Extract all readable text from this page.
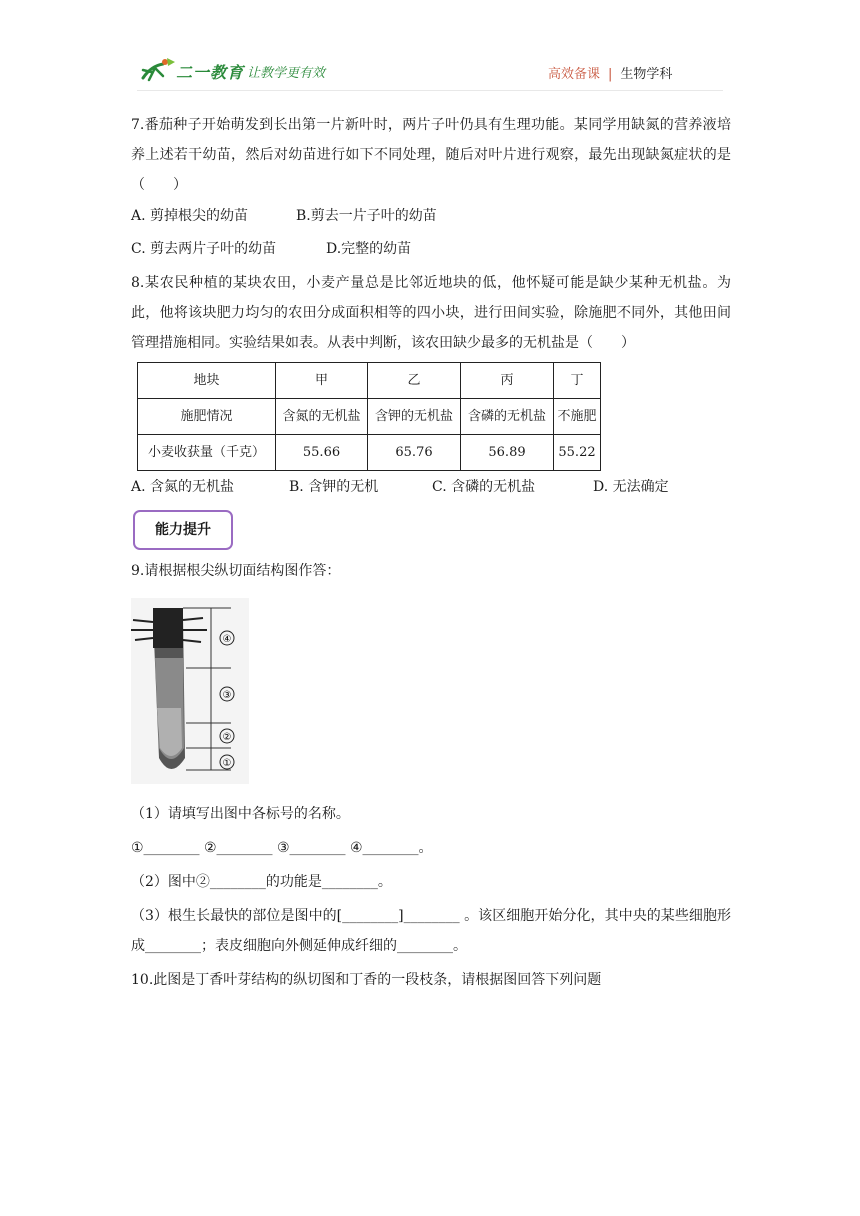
二一教育 让教学更有效	高效备课 | 生物学科

7.番茄种子开始萌发到长出第一片新叶时，两片子叶仍具有生理功能。某同学用缺氮的营养液培养上述若干幼苗，然后对幼苗进行如下不同处理，随后对叶片进行观察，最先出现缺氮症状的是（　　）

A. 剪掉根尖的幼苗	B.剪去一片子叶的幼苗
C. 剪去两片子叶的幼苗	D.完整的幼苗

8.某农民种植的某块农田，小麦产量总是比邻近地块的低，他怀疑可能是缺少某种无机盐。为此，他将该块肥力均匀的农田分成面积相等的四小块，进行田间实验，除施肥不同外，其他田间管理措施相同。实验结果如表。从表中判断，该农田缺少最多的无机盐是（　　）

地块	甲	乙	丙	丁
施肥情况	含氮的无机盐	含钾的无机盐	含磷的无机盐	不施肥
小麦收获量（千克）	55.66	65.76	56.89	55.22
A. 含氮的无机盐	B. 含钾的无机	C. 含磷的无机盐	D. 无法确定
能力提升

9.请根据根尖纵切面结构图作答：

④
③
②
①

（1）请填写出图中各标号的名称。

①________ ②________ ③________ ④________。

（2）图中②________的功能是________。

（3）根生长最快的部位是图中的[________]________ 。该区细胞开始分化，其中央的某些细胞形成________；表皮细胞向外侧延伸成纤细的________。

10.此图是丁香叶芽结构的纵切图和丁香的一段枝条，请根据图回答下列问题
